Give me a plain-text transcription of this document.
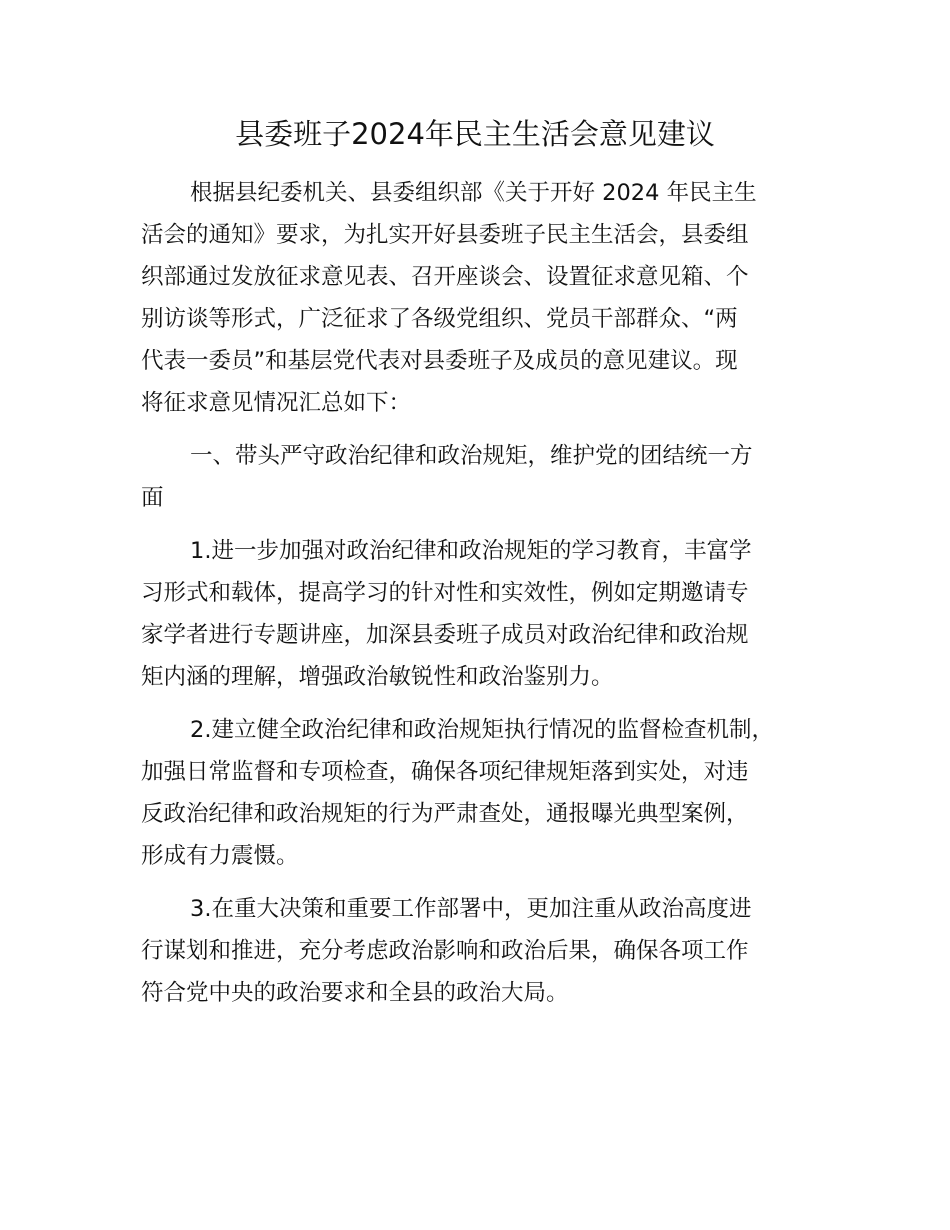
县委班子2024年民主生活会意见建议
根据县纪委机关、县委组织部《关于开好 2024 年民主生
活会的通知》要求，为扎实开好县委班子民主生活会，县委组
织部通过发放征求意见表、召开座谈会、设置征求意见箱、个
别访谈等形式，广泛征求了各级党组织、党员干部群众、“两
代表一委员”和基层党代表对县委班子及成员的意见建议。现
将征求意见情况汇总如下：
一、带头严守政治纪律和政治规矩，维护党的团结统一方
面
1.进一步加强对政治纪律和政治规矩的学习教育，丰富学
习形式和载体，提高学习的针对性和实效性，例如定期邀请专
家学者进行专题讲座，加深县委班子成员对政治纪律和政治规
矩内涵的理解，增强政治敏锐性和政治鉴别力。
2.建立健全政治纪律和政治规矩执行情况的监督检查机制，
加强日常监督和专项检查，确保各项纪律规矩落到实处，对违
反政治纪律和政治规矩的行为严肃查处，通报曝光典型案例，
形成有力震慑。
3.在重大决策和重要工作部署中，更加注重从政治高度进
行谋划和推进，充分考虑政治影响和政治后果，确保各项工作
符合党中央的政治要求和全县的政治大局。
